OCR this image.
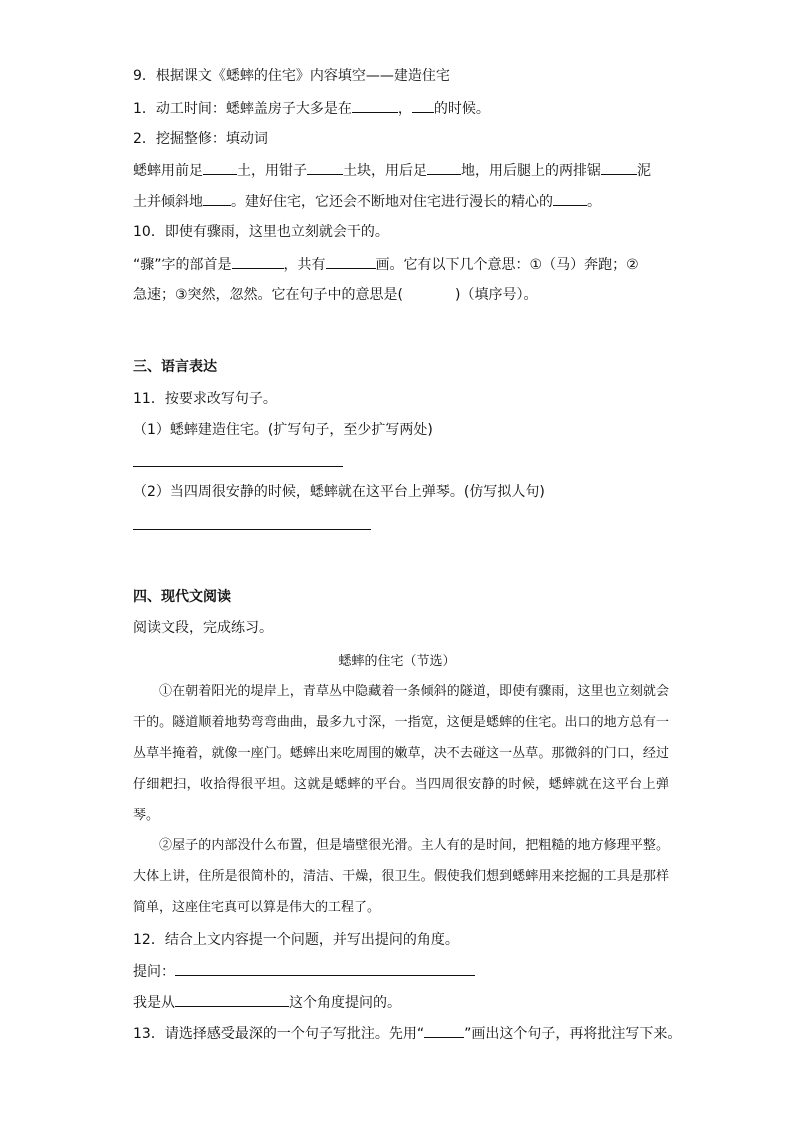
9．根据课文《蟋蟀的住宅》内容填空——建造住宅
1．动工时间：蟋蟀盖房子大多是在	， 的时候。
2．挖掘整修：填动词
蟋蟀用前足 土，用钳子	土块，用后足 地，用后腿上的两排锯	泥
土并倾斜地 。建好住宅，它还会不断地对住宅进行漫长的精心的 。
10．即使有骤雨，这里也立刻就会干的。
“骤”字的部首是	，共有	画。它有以下几个意思：①（马）奔跑；②
急速；③突然，忽然。它在句子中的意思是(	)（填序号）。
三、语言表达
11．按要求改写句子。
（1）蟋蟀建造住宅。(扩写句子，至少扩写两处)
（2）当四周很安静的时候，蟋蟀就在这平台上弹琴。(仿写拟人句)
四、现代文阅读
阅读文段，完成练习。
蟋蟀的住宅（节选）

①在朝着阳光的堤岸上，青草丛中隐藏着一条倾斜的隧道，即使有骤雨，这里也立刻就会干的。隧道顺着地势弯弯曲曲，最多九寸深，一指宽，这便是蟋蟀的住宅。出口的地方总有一丛草半掩着，就像一座门。蟋蟀出来吃周围的嫩草，决不去碰这一丛草。那微斜的门口，经过仔细耙扫，收拾得很平坦。这就是蟋蟀的平台。当四周很安静的时候，蟋蟀就在这平台上弹琴。

②屋子的内部没什么布置，但是墙壁很光滑。主人有的是时间，把粗糙的地方修理平整。大体上讲，住所是很简朴的，清洁、干燥，很卫生。假使我们想到蟋蟀用来挖掘的工具是那样简单，这座住宅真可以算是伟大的工程了。

12．结合上文内容提一个问题，并写出提问的角度。
提问：
我是从	这个角度提问的。
13．请选择感受最深的一个句子写批注。先用“	”画出这个句子，再将批注写下来。
